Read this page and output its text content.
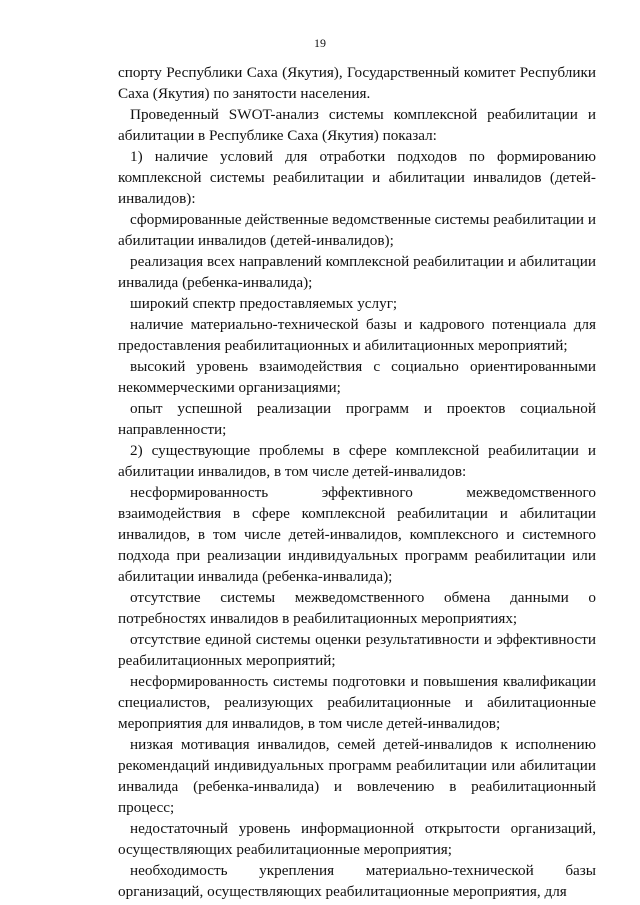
19

спорту Республики Саха (Якутия), Государственный комитет Республики Саха (Якутия) по занятости населения.

Проведенный SWOT-анализ системы комплексной реабилитации и абилитации в Республике Саха (Якутия) показал:

1) наличие условий для отработки подходов по формированию комплексной системы реабилитации и абилитации инвалидов (детей-инвалидов):

сформированные действенные ведомственные системы реабилитации и абилитации инвалидов (детей-инвалидов);

реализация всех направлений комплексной реабилитации и абилитации инвалида (ребенка-инвалида);

широкий спектр предоставляемых услуг;

наличие материально-технической базы и кадрового потенциала для предоставления реабилитационных и абилитационных мероприятий;

высокий уровень взаимодействия с социально ориентированными некоммерческими организациями;

опыт успешной реализации программ и проектов социальной направленности;

2) существующие проблемы в сфере комплексной реабилитации и абилитации инвалидов, в том числе детей-инвалидов:

несформированность эффективного межведомственного взаимодействия в сфере комплексной реабилитации и абилитации инвалидов, в том числе детей-инвалидов, комплексного и системного подхода при реализации индивидуальных программ реабилитации или абилитации инвалида (ребенка-инвалида);

отсутствие системы межведомственного обмена данными о потребностях инвалидов в реабилитационных мероприятиях;

отсутствие единой системы оценки результативности и эффективности реабилитационных мероприятий;

несформированность системы подготовки и повышения квалификации специалистов, реализующих реабилитационные и абилитационные мероприятия для инвалидов, в том числе детей-инвалидов;

низкая мотивация инвалидов, семей детей-инвалидов к исполнению рекомендаций индивидуальных программ реабилитации или абилитации инвалида (ребенка-инвалида) и вовлечению в реабилитационный процесс;

недостаточный уровень информационной открытости организаций, осуществляющих реабилитационные мероприятия;

необходимость укрепления материально-технической базы организаций, осуществляющих реабилитационные мероприятия, для
